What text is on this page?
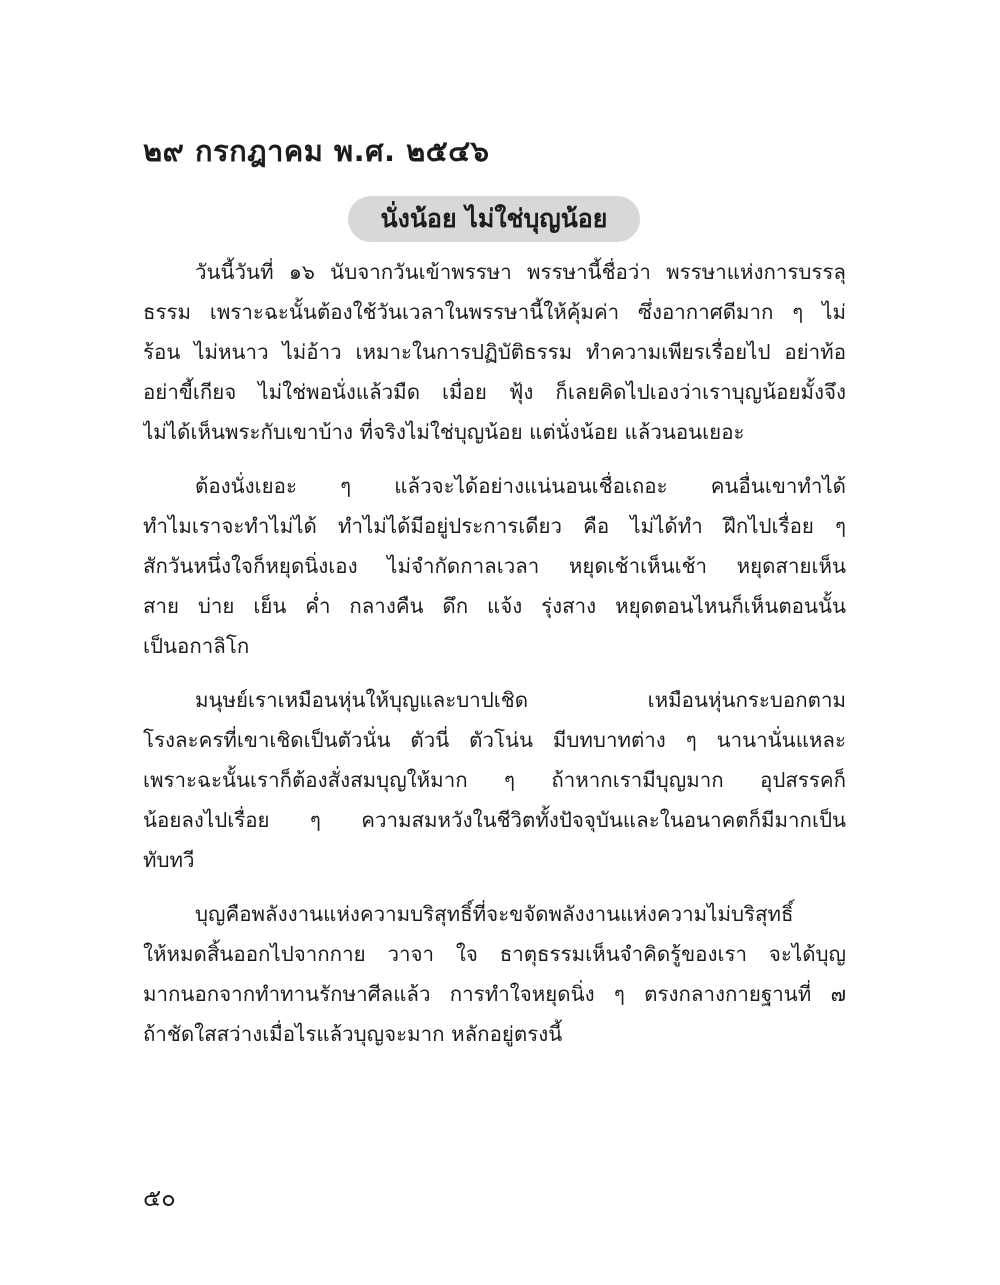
๒๙ กรกฎาคม พ.ศ. ๒๕๔๖
นั่งน้อย ไม่ใช่บุญน้อย
วันนี้วันที่ ๑๖ นับจากวันเข้าพรรษา พรรษานี้ชื่อว่า พรรษาแห่งการบรรลุ
ธรรม เพราะฉะนั้นต้องใช้วันเวลาในพรรษานี้ให้คุ้มค่า ซึ่งอากาศดีมาก ๆ ไม่
ร้อน ไม่หนาว ไม่อ้าว เหมาะในการปฏิบัติธรรม ทำความเพียรเรื่อยไป อย่าท้อ
อย่าขี้เกียจ ไม่ใช่พอนั่งแล้วมืด เมื่อย ฟุ้ง ก็เลยคิดไปเองว่าเราบุญน้อยมั้งจึง
ไม่ได้เห็นพระกับเขาบ้าง ที่จริงไม่ใช่บุญน้อย แต่นั่งน้อย แล้วนอนเยอะ
ต้องนั่งเยอะ ๆ แล้วจะได้อย่างแน่นอนเชื่อเถอะ คนอื่นเขาทำได้
ทำไมเราจะทำไม่ได้ ทำไม่ได้มีอยู่ประการเดียว คือ ไม่ได้ทำ ฝึกไปเรื่อย ๆ
สักวันหนึ่งใจก็หยุดนิ่งเอง ไม่จำกัดกาลเวลา หยุดเช้าเห็นเช้า หยุดสายเห็น
สาย บ่าย เย็น ค่ำ กลางคืน ดึก แจ้ง รุ่งสาง หยุดตอนไหนก็เห็นตอนนั้น
เป็นอกาลิโก
มนุษย์เราเหมือนหุ่นให้บุญและบาปเชิด เหมือนหุ่นกระบอกตาม
โรงละครที่เขาเชิดเป็นตัวนั่น ตัวนี่ ตัวโน่น มีบทบาทต่าง ๆ นานานั่นแหละ
เพราะฉะนั้นเราก็ต้องสั่งสมบุญให้มาก ๆ ถ้าหากเรามีบุญมาก อุปสรรคก็
น้อยลงไปเรื่อย ๆ ความสมหวังในชีวิตทั้งปัจจุบันและในอนาคตก็มีมากเป็น
ทับทวี
บุญคือพลังงานแห่งความบริสุทธิ์ที่จะขจัดพลังงานแห่งความไม่บริสุทธิ์
ให้หมดสิ้นออกไปจากกาย วาจา ใจ ธาตุธรรมเห็นจำคิดรู้ของเรา จะได้บุญ
มากนอกจากทำทานรักษาศีลแล้ว การทำใจหยุดนิ่ง ๆ ตรงกลางกายฐานที่ ๗
ถ้าชัดใสสว่างเมื่อไรแล้วบุญจะมาก หลักอยู่ตรงนี้
๕๐
